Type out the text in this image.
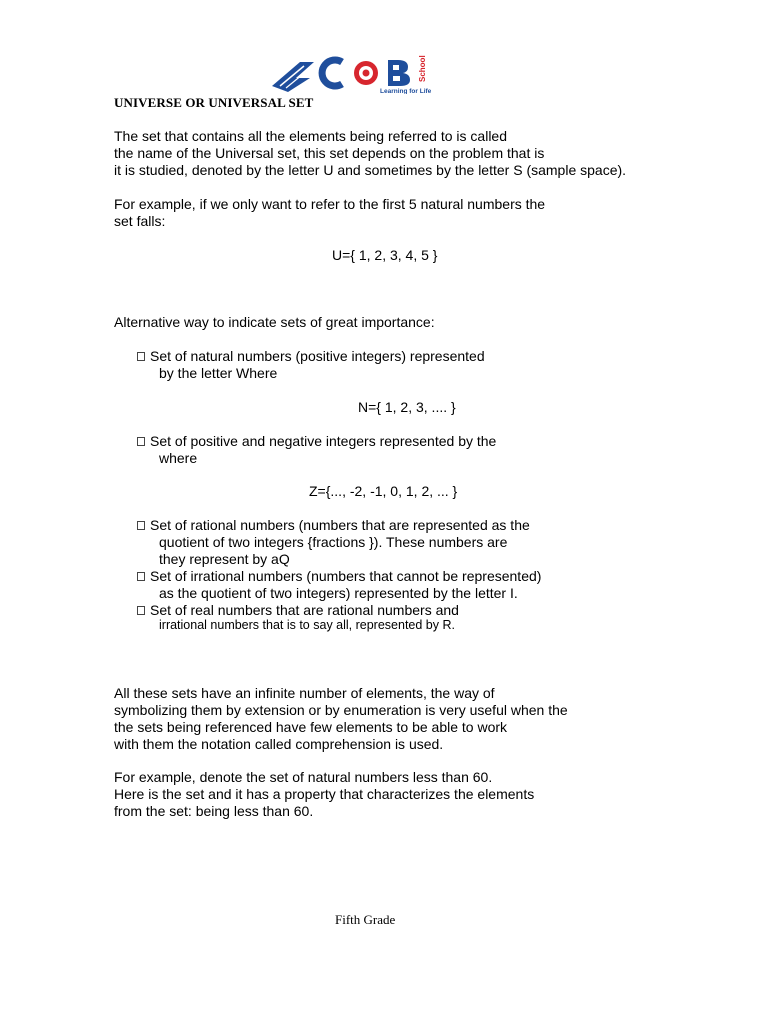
School
Learning for Life
UNIVERSE OR UNIVERSAL SET
The set that contains all the elements being referred to is called
the name of the Universal set, this set depends on the problem that is
it is studied, denoted by the letter U and sometimes by the letter S (sample space).
For example, if we only want to refer to the first 5 natural numbers the
set falls:
U={ 1, 2, 3, 4, 5 }
Alternative way to indicate sets of great importance:
Set of natural numbers (positive integers) represented
by the letter Where
N={ 1, 2, 3, .... }
Set of positive and negative integers represented by the
where
Z={..., -2, -1, 0, 1, 2, ... }
Set of rational numbers (numbers that are represented as the
quotient of two integers {fractions }). These numbers are
they represent by aQ
Set of irrational numbers (numbers that cannot be represented)
as the quotient of two integers) represented by the letter I.
Set of real numbers that are rational numbers and
irrational numbers that is to say all, represented by R.
All these sets have an infinite number of elements, the way of
symbolizing them by extension or by enumeration is very useful when the
the sets being referenced have few elements to be able to work
with them the notation called comprehension is used.
For example, denote the set of natural numbers less than 60.
Here is the set and it has a property that characterizes the elements
from the set: being less than 60.
Fifth Grade
